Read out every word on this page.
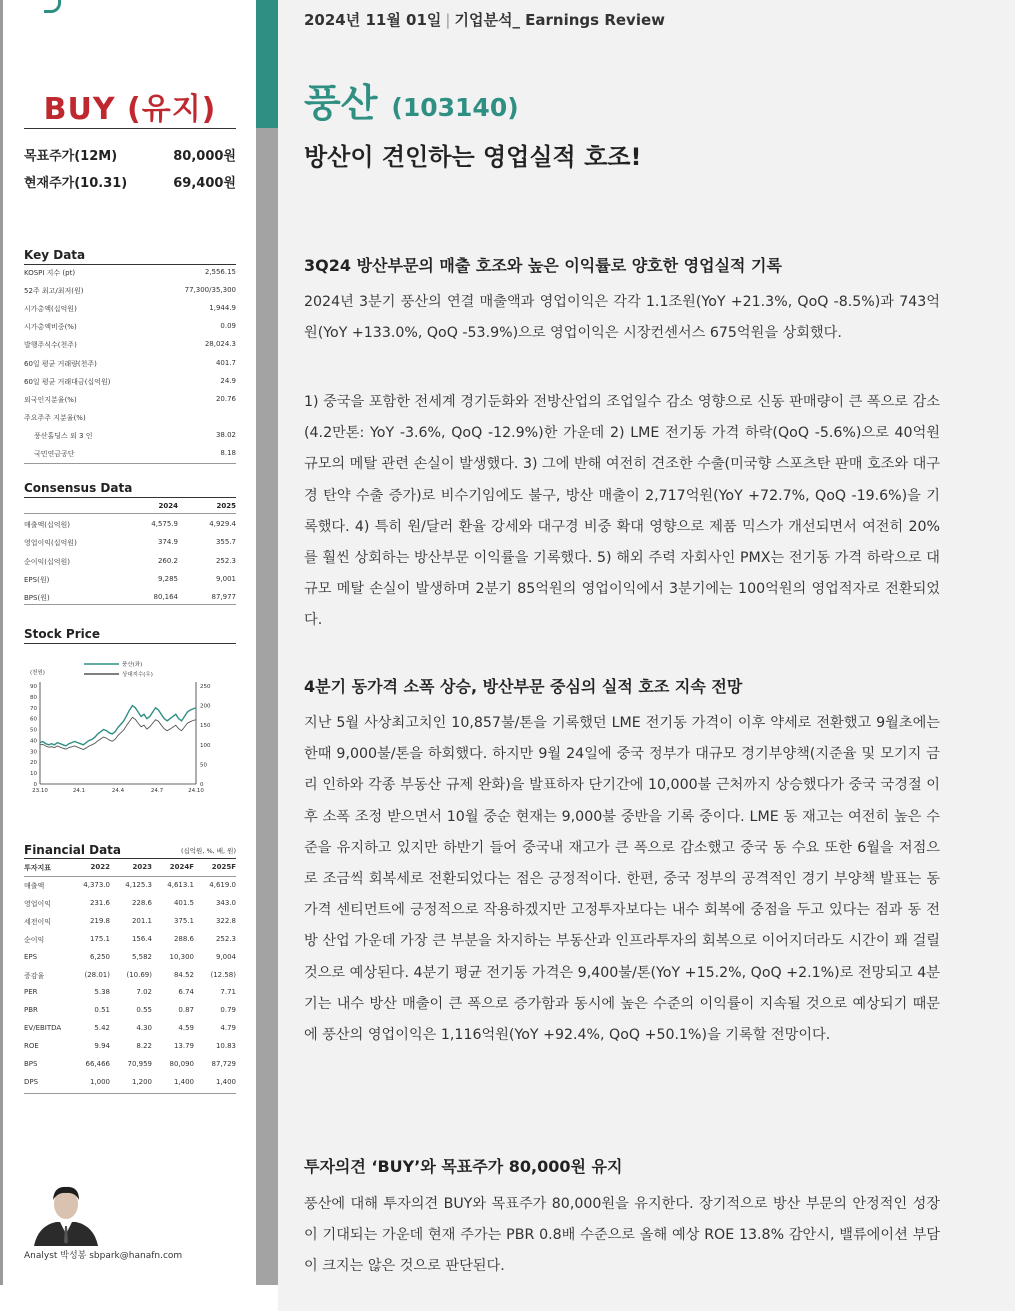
BUY (유지)
목표주가(12M)	80,000원
현재주가(10.31)	69,400원
Key Data
KOSPI 지수 (pt)	2,556.15
52주 최고/최저(원)	77,300/35,300
시가총액(십억원)	1,944.9
시가총액비중(%)	0.09
발행주식수(천주)	28,024.3
60일 평균 거래량(천주)	401.7
60일 평균 거래대금(십억원)	24.9
외국인지분율(%)	20.76
주요주주 지분율(%)
풍산홀딩스 외 3 인	38.02
국민연금공단	8.18
Consensus Data
2024	2025
매출액(십억원)	4,575.9	4,929.4
영업이익(십억원)	374.9	355.7
순이익(십억원)	260.2	252.3
EPS(원)	9,285	9,001
BPS(원)	80,164	87,977
Stock Price
0
10
20
30
40
50
60
70
80
90
0
50
100
150
200
250
23.10	24.1	24.4	24.7	24.10
(천원)
풍산(좌)
상대지수(우)
Financial Data	(십억원, %, 배, 원)
투자지표	2022	2023	2024F	2025F
매출액	4,373.0	4,125.3	4,613.1	4,619.0
영업이익	231.6	228.6	401.5	343.0
세전이익	219.8	201.1	375.1	322.8
순이익	175.1	156.4	288.6	252.3
EPS	6,250	5,582	10,300	9,004
증감율	(28.01)	(10.69)	84.52	(12.58)
PER	5.38	7.02	6.74	7.71
PBR	0.51	0.55	0.87	0.79
EV/EBITDA	5.42	4.30	4.59	4.79
ROE	9.94	8.22	13.79	10.83
BPS	66,466	70,959	80,090	87,729
DPS	1,000	1,200	1,400	1,400
Analyst 박성봉 sbpark@hanafn.com
2024년 11월 01일 | 기업분석_ Earnings Review
풍산 (103140)
방산이 견인하는 영업실적 호조!
3Q24 방산부문의 매출 호조와 높은 이익률로 양호한 영업실적 기록

2024년 3분기 풍산의 연결 매출액과 영업이익은 각각 1.1조원(YoY +21.3%, QoQ -8.5%)과 743억원(YoY +133.0%, QoQ -53.9%)으로 영업이익은 시장컨센서스 675억원을 상회했다.

1) 중국을 포함한 전세계 경기둔화와 전방산업의 조업일수 감소 영향으로 신동 판매량이 큰 폭으로 감소(4.2만톤: YoY -3.6%, QoQ -12.9%)한 가운데 2) LME 전기동 가격 하락(QoQ -5.6%)으로 40억원 규모의 메탈 관련 손실이 발생했다. 3) 그에 반해 여전히 견조한 수출(미국향 스포츠탄 판매 호조와 대구경 탄약 수출 증가)로 비수기임에도 불구, 방산 매출이 2,717억원(YoY +72.7%, QoQ -19.6%)을 기록했다. 4) 특히 원/달러 환율 강세와 대구경 비중 확대 영향으로 제품 믹스가 개선되면서 여전히 20%를 훨씬 상회하는 방산부문 이익률을 기록했다. 5) 해외 주력 자회사인 PMX는 전기동 가격 하락으로 대규모 메탈 손실이 발생하며 2분기 85억원의 영업이익에서 3분기에는 100억원의 영업적자로 전환되었다.

4분기 동가격 소폭 상승, 방산부문 중심의 실적 호조 지속 전망

지난 5월 사상최고치인 10,857불/톤을 기록했던 LME 전기동 가격이 이후 약세로 전환했고 9월초에는 한때 9,000불/톤을 하회했다. 하지만 9월 24일에 중국 정부가 대규모 경기부양책(지준율 및 모기지 금리 인하와 각종 부동산 규제 완화)을 발표하자 단기간에 10,000불 근처까지 상승했다가 중국 국경절 이후 소폭 조정 받으면서 10월 중순 현재는 9,000불 중반을 기록 중이다. LME 동 재고는 여전히 높은 수준을 유지하고 있지만 하반기 들어 중국내 재고가 큰 폭으로 감소했고 중국 동 수요 또한 6월을 저점으로 조금씩 회복세로 전환되었다는 점은 긍정적이다. 한편, 중국 정부의 공격적인 경기 부양책 발표는 동 가격 센티먼트에 긍정적으로 작용하겠지만 고정투자보다는 내수 회복에 중점을 두고 있다는 점과 동 전방 산업 가운데 가장 큰 부분을 차지하는 부동산과 인프라투자의 회복으로 이어지더라도 시간이 꽤 걸릴 것으로 예상된다. 4분기 평균 전기동 가격은 9,400불/톤(YoY +15.2%, QoQ +2.1%)로 전망되고 4분기는 내수 방산 매출이 큰 폭으로 증가함과 동시에 높은 수준의 이익률이 지속될 것으로 예상되기 때문에 풍산의 영업이익은 1,116억원(YoY +92.4%, QoQ +50.1%)을 기록할 전망이다.

투자의견 ‘BUY’와 목표주가 80,000원 유지

풍산에 대해 투자의견 BUY와 목표주가 80,000원을 유지한다. 장기적으로 방산 부문의 안정적인 성장이 기대되는 가운데 현재 주가는 PBR 0.8배 수준으로 올해 예상 ROE 13.8% 감안시, 밸류에이션 부담이 크지는 않은 것으로 판단된다.
